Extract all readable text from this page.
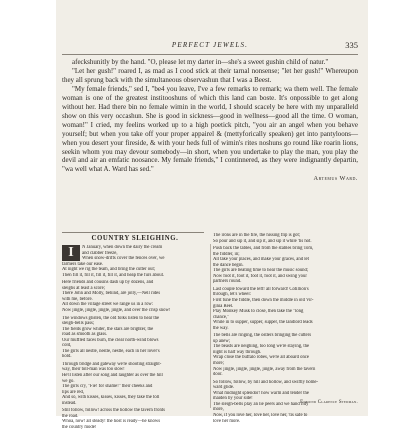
PERFECT JEWELS.	335

afeckshunitly by the hand. "O, please let my darter in—she's a sweet gushin child of natur."

"Let her gush!" roared I, as mad as I cood stick at their tarnal nonsense; "let her gush!" Whereupon they all sprung back with the simultaneous observashun that I was a Beest.

"My female friends," sed I, "be4 you leave, I've a few remarks to remark; wa them well. The female woman is one of the greatest institooshuns of which this land can boste. It's onpossible to get along without her. Had there bin no female wimin in the world, I should scacely be here with my unparalleld show on this very occashun. She is good in sickness—good in wellness—good all the time. O woman, woman!" I cried, my feelins worked up to a high poetick pitch, "you air an angel when you behave yourself; but when you take off your proper appairel & (mettyforically speaken) get into pantyloons—when you desert your fireside, & with your heds full of wimin's rites noshuns go round like roarin lions, seekin whom you may devour somebody—in short, when you undertake to play the man, you play the devil and air an emfatic noosance. My female friends," I continnered, as they were indignantly departin, "wa well what A. Ward has sed."

Artemus Ward.
COUNTRY SLEIGHING.
I	N January, when down the dairy the cream
and clabber freeze,
When snow-drifts cover the fences over, we
farmers take our ease.
At night we rig the team, and bring the cutter out;
Then fill it, fill it, fill it, fill it, and heap the furs about.
Here friends and cousins dash up by dozens, and
sleighs at least a score;
There John and Molly, behind, are jolly,—Nell rides
with me, before.
All down the village street we range us in a row:
Now jingle, jingle, jingle, jingle, and over the crisp snow!
The windows glisten, the old folks listen to hear the
sleigh-bells pass;
The fields grow whiter, the stars are brighter, the
road as smooth as glass.
Our muffled faces burn, the clear north-wind blows
cold,
The girls all nestle, nestle, nestle, each in her lover's
hold.
Through bridge and gateway we're shooting straight-
way, their toll-man was too slow!
He'll listen after our song and laughter as over the hill
we go.
The girls cry, "Fie! for shame!" their cheeks and
lips are red,
And so, with kisses, kisses, kisses, they take the toll
instead.
Still follow, follow! across the hollow the tavern fronts
the road.
Whoa, now! all steady! the host is ready—he knows
the country mode!
The irons are in the fire, the hissing flip is got;
So pour and sip it, and sip it, and sip it while 'tis hot.
Push back the tables, and from the stables bring Tom,
the fiddler, in;
All take your places, and make your graces, and let
the dance begin.
The girls are beating time to hear the music sound;
Now foot it, foot it, foot it, foot it, and swing your
partners round.
Last couple toward the left! all forward! Cotillion's
through, let's wheel:
First tune the fiddle, then down the middle in old Vir-
ginia Reel.
Play Monkey Musk to close, then take the "long
chance,"
While in to supper, supper, supper, the landlord leads
the way.
The bells are ringing, the ostlers bringing the cutters
up anew;
The beasts are neighing, too long we're staying, the
night is half way through.
Wrap close the buffalo robes, we're all aboard once
more;
Now jingle, jingle, jingle, jingle, away from the tavern
door.
So follow, follow, by hill and hollow, and swiftly home-
ward glide.
What midnight splendor! how warm and tender the
maiden by your side!
The sleigh-bells play an lie peers and we hand ridy
more,
Now, if you love her, love her, love her, 'tis safe to
love her more.
Edmund Clarence Stedman.
